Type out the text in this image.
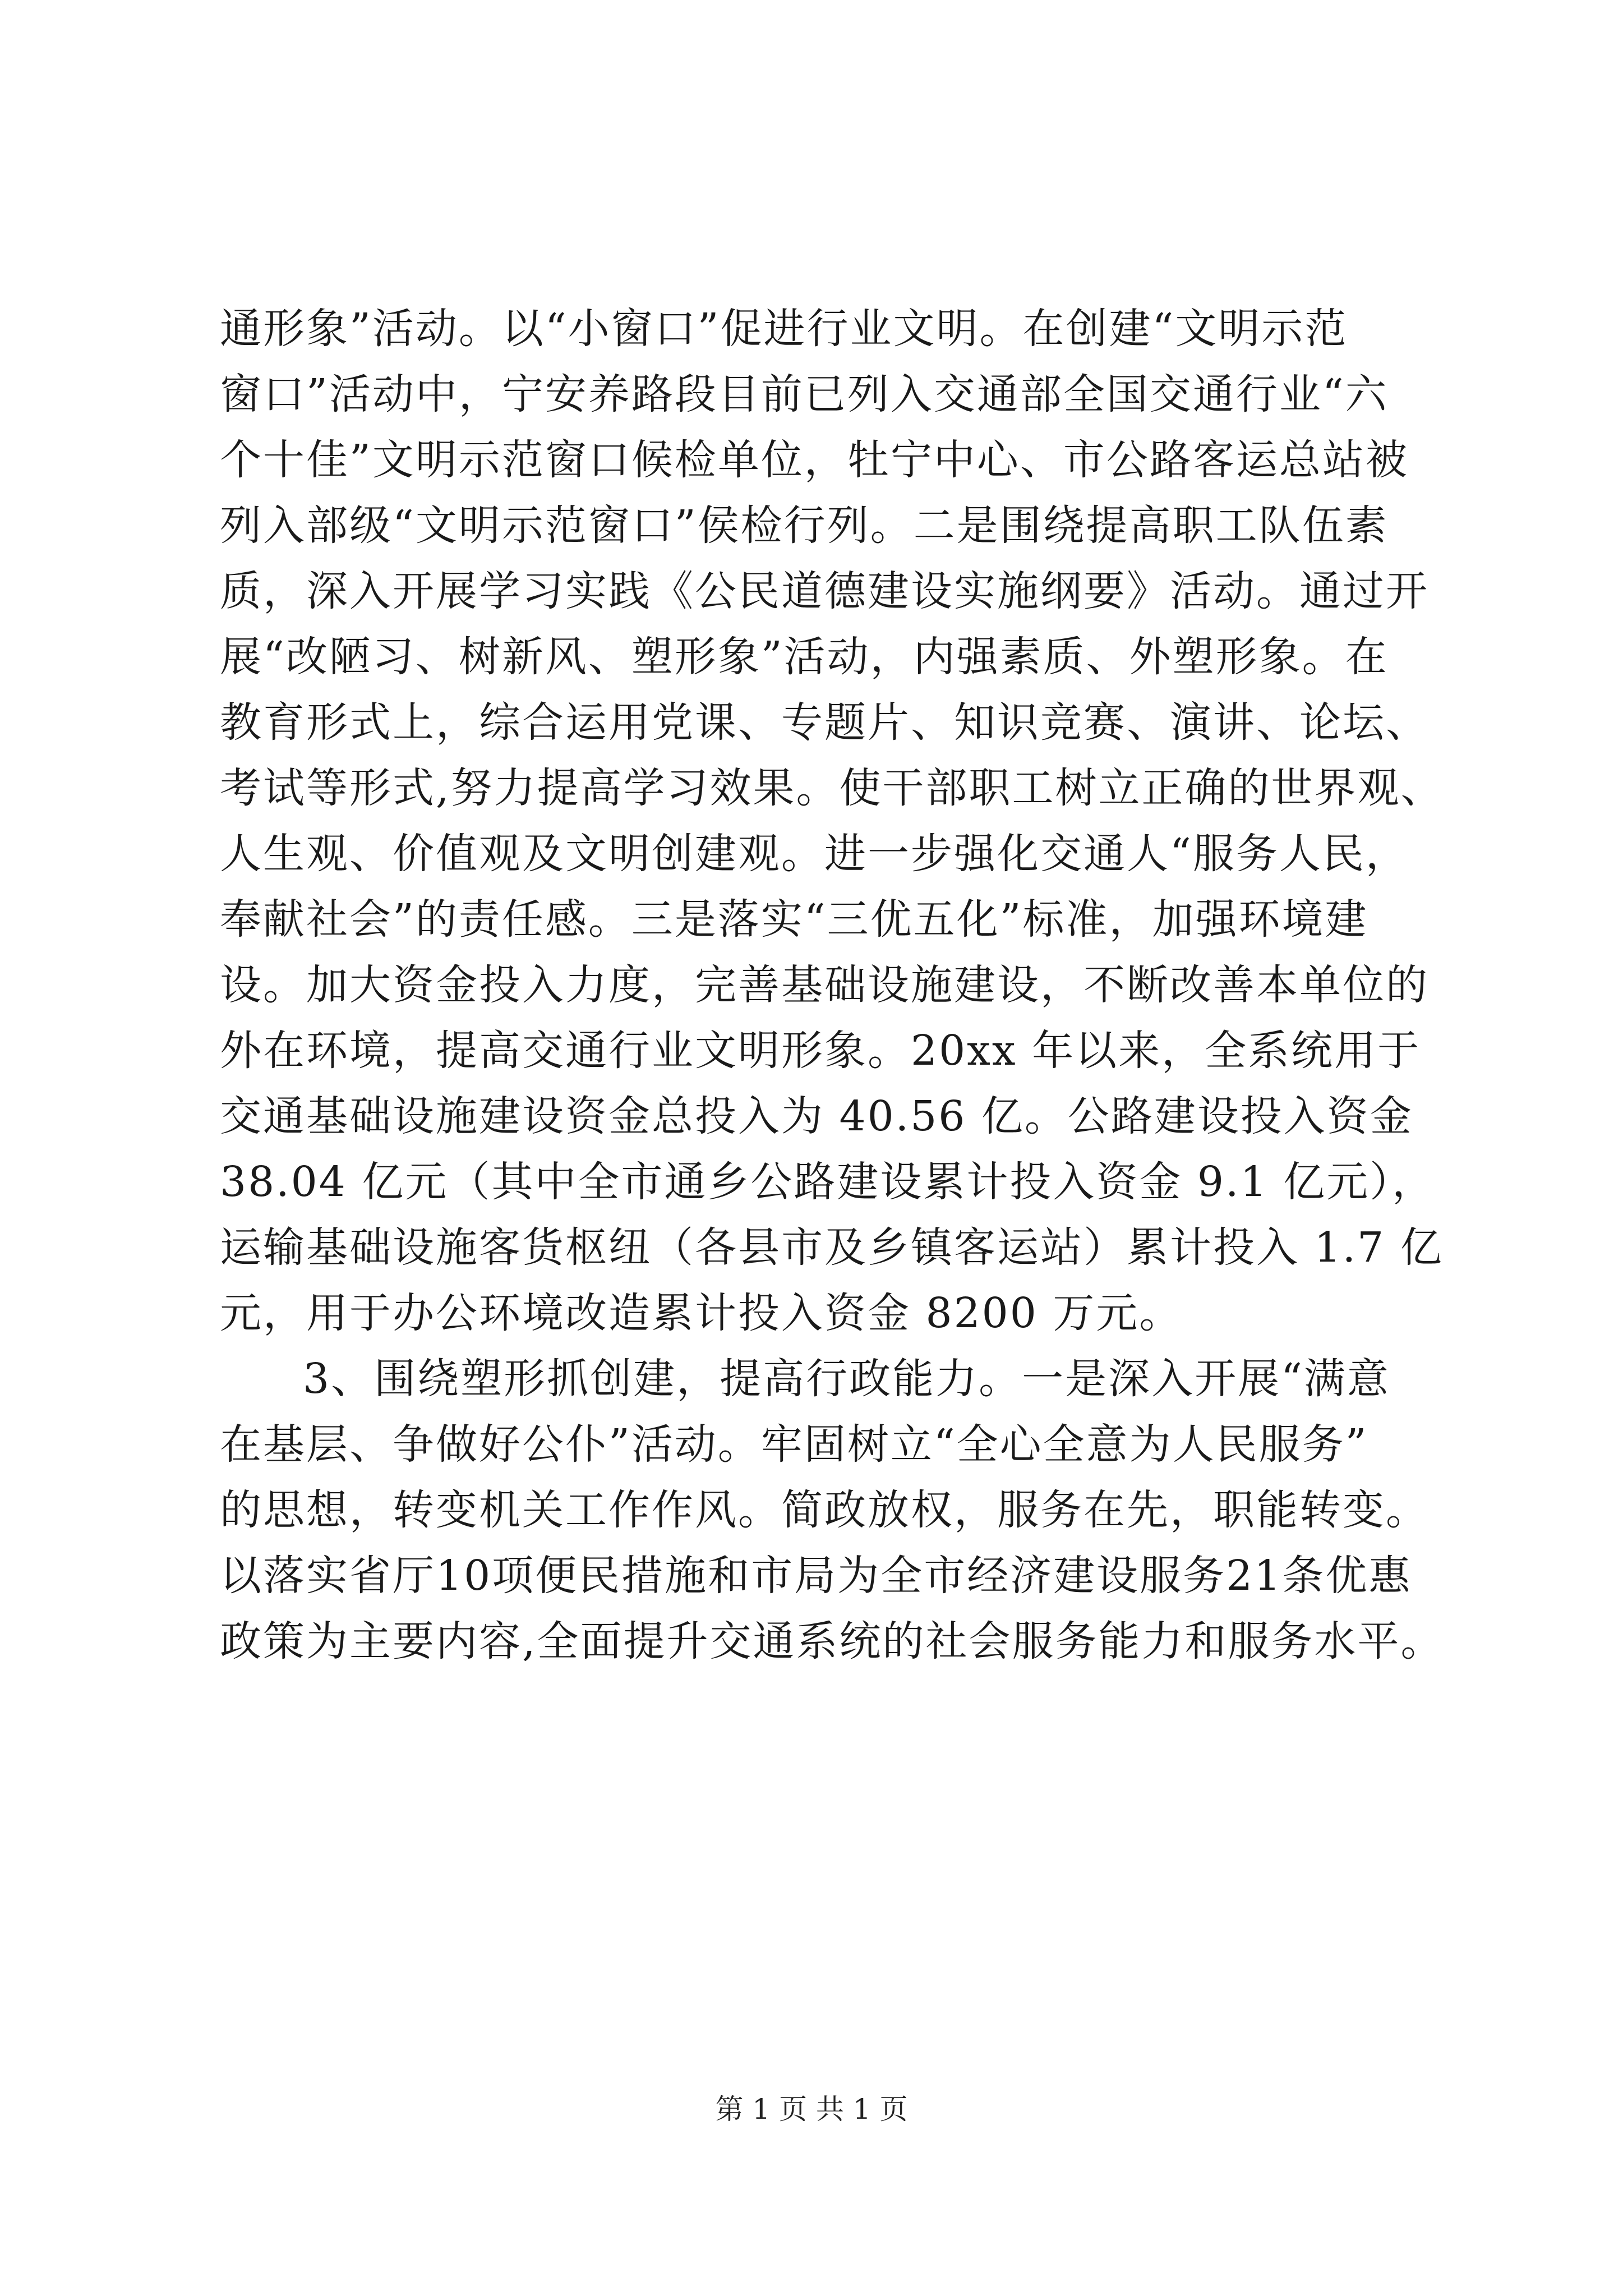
通形象”活动。以“小窗口”促进行业文明。在创建“文明示范
窗口”活动中，宁安养路段目前已列入交通部全国交通行业“六
个十佳”文明示范窗口候检单位，牡宁中心、市公路客运总站被
列入部级“文明示范窗口”侯检行列。二是围绕提高职工队伍素
质，深入开展学习实践《公民道德建设实施纲要》活动。通过开
展“改陋习、树新风、塑形象”活动，内强素质、外塑形象。在
教育形式上，综合运用党课、专题片、知识竞赛、演讲、论坛、
考试等形式,努力提高学习效果。使干部职工树立正确的世界观、
人生观、价值观及文明创建观。进一步强化交通人“服务人民，
奉献社会”的责任感。三是落实“三优五化”标准，加强环境建
设。加大资金投入力度，完善基础设施建设，不断改善本单位的
外在环境，提高交通行业文明形象。20xx 年以来，全系统用于
交通基础设施建设资金总投入为 40.56 亿。公路建设投入资金
38.04 亿元（其中全市通乡公路建设累计投入资金 9.1 亿元），
运输基础设施客货枢纽（各县市及乡镇客运站）累计投入 1.7 亿
元，用于办公环境改造累计投入资金 8200 万元。
3、围绕塑形抓创建，提高行政能力。一是深入开展“满意
在基层、争做好公仆”活动。牢固树立“全心全意为人民服务”
的思想，转变机关工作作风。简政放权，服务在先，职能转变。
以落实省厅10项便民措施和市局为全市经济建设服务21条优惠
政策为主要内容,全面提升交通系统的社会服务能力和服务水平。
第 1 页 共 1 页
